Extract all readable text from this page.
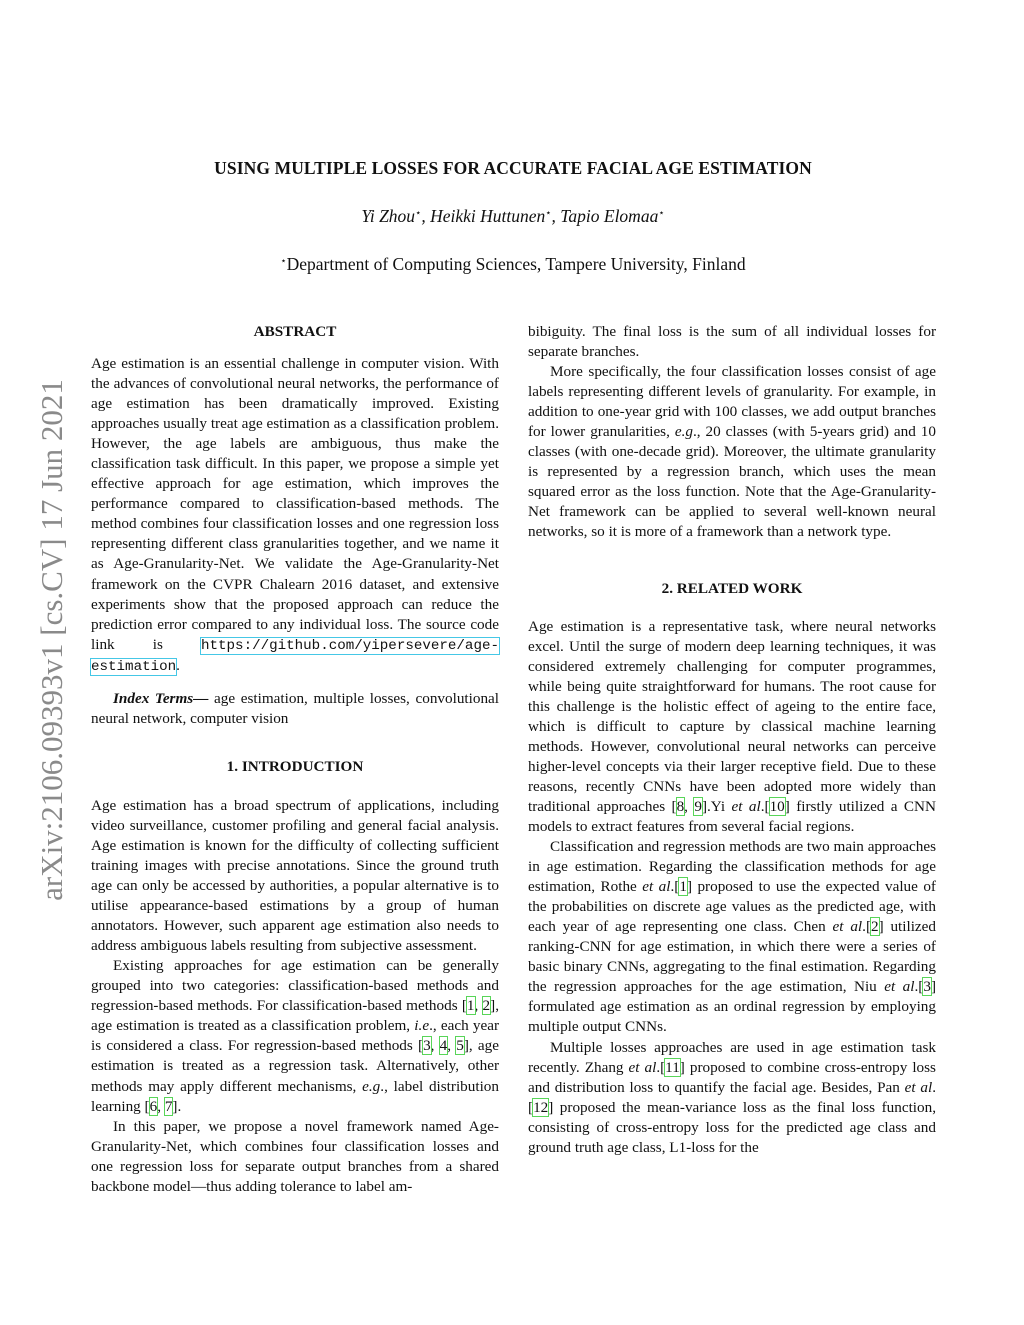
arXiv:2106.09393v1 [cs.CV] 17 Jun 2021
USING MULTIPLE LOSSES FOR ACCURATE FACIAL AGE ESTIMATION
Yi Zhou⋆, Heikki Huttunen⋆, Tapio Elomaa⋆
⋆Department of Computing Sciences, Tampere University, Finland

ABSTRACT

Age estimation is an essential challenge in computer vision. With the advances of convolutional neural networks, the performance of age estimation has been dramatically improved. Existing approaches usually treat age estimation as a classification problem. However, the age labels are ambiguous, thus make the classification task difficult. In this paper, we propose a simple yet effective approach for age estimation, which improves the performance compared to classification-based methods. The method combines four classification losses and one regression loss representing different class granularities together, and we name it as Age-Granularity-Net. We validate the Age-Granularity-Net framework on the CVPR Chalearn 2016 dataset, and extensive experiments show that the proposed approach can reduce the prediction error compared to any individual loss. The source code link is https://github.com/yipersevere/age-estimation.

Index Terms— age estimation, multiple losses, convolutional neural network, computer vision

1. INTRODUCTION

Age estimation has a broad spectrum of applications, including video surveillance, customer profiling and general facial analysis. Age estimation is known for the difficulty of collecting sufficient training images with precise annotations. Since the ground truth age can only be accessed by authorities, a popular alternative is to utilise appearance-based estimations by a group of human annotators. However, such apparent age estimation also needs to address ambiguous labels resulting from subjective assessment.

Existing approaches for age estimation can be generally grouped into two categories: classification-based methods and regression-based methods. For classification-based methods [1, 2], age estimation is treated as a classification problem, i.e., each year is considered a class. For regression-based methods [3, 4, 5], age estimation is treated as a regression task. Alternatively, other methods may apply different mechanisms, e.g., label distribution learning [6, 7].

In this paper, we propose a novel framework named Age-Granularity-Net, which combines four classification losses and one regression loss for separate output branches from a shared backbone model—thus adding tolerance to label am-

bibiguity. The final loss is the sum of all individual losses for separate branches.

More specifically, the four classification losses consist of age labels representing different levels of granularity. For example, in addition to one-year grid with 100 classes, we add output branches for lower granularities, e.g., 20 classes (with 5-years grid) and 10 classes (with one-decade grid). Moreover, the ultimate granularity is represented by a regression branch, which uses the mean squared error as the loss function. Note that the Age-Granularity-Net framework can be applied to several well-known neural networks, so it is more of a framework than a network type.

2. RELATED WORK

Age estimation is a representative task, where neural networks excel. Until the surge of modern deep learning techniques, it was considered extremely challenging for computer programmes, while being quite straightforward for humans. The root cause for this challenge is the holistic effect of ageing to the entire face, which is difficult to capture by classical machine learning methods. However, convolutional neural networks can perceive higher-level concepts via their larger receptive field. Due to these reasons, recently CNNs have been adopted more widely than traditional approaches [8, 9].Yi et al.[10] firstly utilized a CNN models to extract features from several facial regions.

Classification and regression methods are two main approaches in age estimation. Regarding the classification methods for age estimation, Rothe et al.[1] proposed to use the expected value of the probabilities on discrete age values as the predicted age, with each year of age representing one class. Chen et al.[2] utilized ranking-CNN for age estimation, in which there were a series of basic binary CNNs, aggregating to the final estimation. Regarding the regression approaches for the age estimation, Niu et al.[3] formulated age estimation as an ordinal regression by employing multiple output CNNs.

Multiple losses approaches are used in age estimation task recently. Zhang et al.[11] proposed to combine cross-entropy loss and distribution loss to quantify the facial age. Besides, Pan et al.[12] proposed the mean-variance loss as the final loss function, consisting of cross-entropy loss for the predicted age class and ground truth age class, L1-loss for the
